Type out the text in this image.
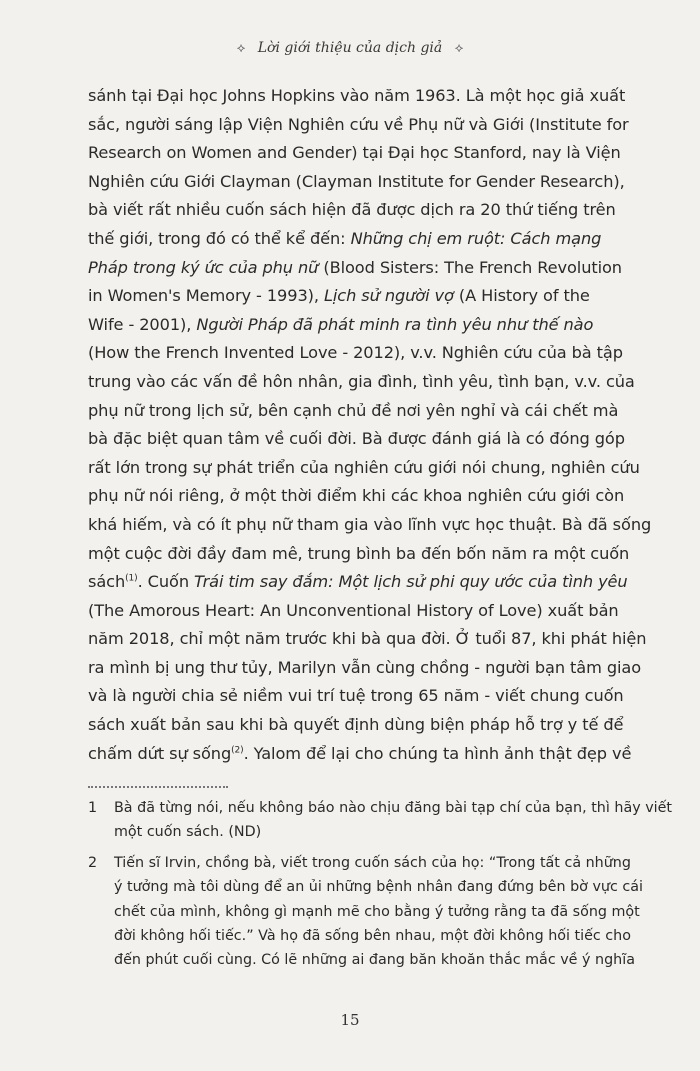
⟡ Lời giới thiệu của dịch giả ⟡
sánh tại Đại học Johns Hopkins vào năm 1963. Là một học giả xuất
sắc, người sáng lập Viện Nghiên cứu về Phụ nữ và Giới (Institute for
Research on Women and Gender) tại Đại học Stanford, nay là Viện
Nghiên cứu Giới Clayman (Clayman Institute for Gender Research),
bà viết rất nhiều cuốn sách hiện đã được dịch ra 20 thứ tiếng trên
thế giới, trong đó có thể kể đến: Những chị em ruột: Cách mạng
Pháp trong ký ức của phụ nữ (Blood Sisters: The French Revolution
in Women's Memory - 1993), Lịch sử người vợ (A History of the
Wife - 2001), Người Pháp đã phát minh ra tình yêu như thế nào
(How the French Invented Love - 2012), v.v. Nghiên cứu của bà tập
trung vào các vấn đề hôn nhân, gia đình, tình yêu, tình bạn, v.v. của
phụ nữ trong lịch sử, bên cạnh chủ đề nơi yên nghỉ và cái chết mà
bà đặc biệt quan tâm về cuối đời. Bà được đánh giá là có đóng góp
rất lớn trong sự phát triển của nghiên cứu giới nói chung, nghiên cứu
phụ nữ nói riêng, ở một thời điểm khi các khoa nghiên cứu giới còn
khá hiếm, và có ít phụ nữ tham gia vào lĩnh vực học thuật. Bà đã sống
một cuộc đời đầy đam mê, trung bình ba đến bốn năm ra một cuốn
sách$^{(1)}$. Cuốn Trái tim say đắm: Một lịch sử phi quy ước của tình yêu
(The Amorous Heart: An Unconventional History of Love) xuất bản
năm 2018, chỉ một năm trước khi bà qua đời. Ở tuổi 87, khi phát hiện
ra mình bị ung thư tủy, Marilyn vẫn cùng chồng - người bạn tâm giao
và là người chia sẻ niềm vui trí tuệ trong 65 năm - viết chung cuốn
sách xuất bản sau khi bà quyết định dùng biện pháp hỗ trợ y tế để
chấm dứt sự sống$^{(2)}$. Yalom để lại cho chúng ta hình ảnh thật đẹp về
1 Bà đã từng nói, nếu không báo nào chịu đăng bài tạp chí của bạn, thì hãy viết
một cuốn sách. (ND)
2 Tiến sĩ Irvin, chồng bà, viết trong cuốn sách của họ: “Trong tất cả những
ý tưởng mà tôi dùng để an ủi những bệnh nhân đang đứng bên bờ vực cái
chết của mình, không gì mạnh mẽ cho bằng ý tưởng rằng ta đã sống một
đời không hối tiếc.” Và họ đã sống bên nhau, một đời không hối tiếc cho
đến phút cuối cùng. Có lẽ những ai đang băn khoăn thắc mắc về ý nghĩa
15
